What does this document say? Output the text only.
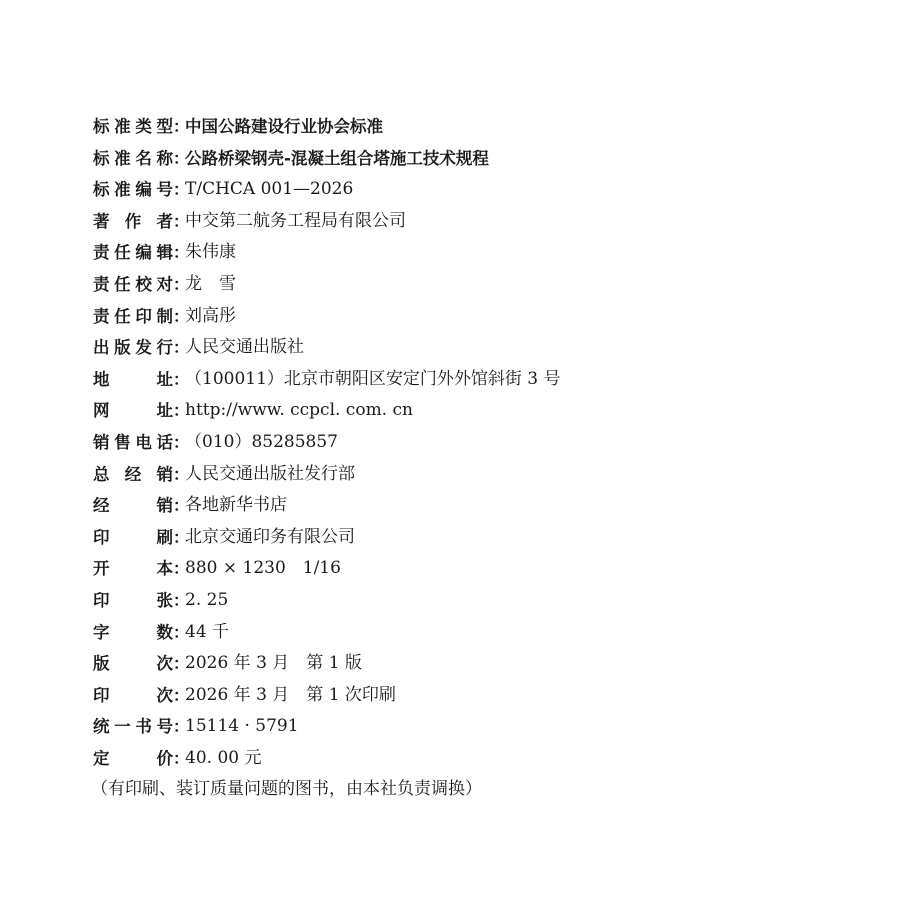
标准类型 ：
中国公路建设行业协会标准
标准名称 ：
公路桥梁钢壳-混凝土组合塔施工技术规程
标准编号 ：
T/CHCA 001—2026
著作者 ：
中交第二航务工程局有限公司
责任编辑 ：
朱伟康
责任校对 ：
龙　雪
责任印制 ：
刘高彤
出版发行 ：
人民交通出版社
地址 ：
（100011）北京市朝阳区安定门外外馆斜街 3 号
网址 ：
http://www. ccpcl. com. cn
销售电话 ：
（010）85285857
总经销 ：
人民交通出版社发行部
经销 ：
各地新华书店
印刷 ：
北京交通印务有限公司
开本 ：
880 × 1230　1/16
印张 ：
2. 25
字数 ：
44 千
版次 ：
2026 年 3 月　第 1 版
印次 ：
2026 年 3 月　第 1 次印刷
统一书号 ：
15114 · 5791
定价 ：
40. 00 元
（有印刷、装订质量问题的图书，由本社负责调换）
